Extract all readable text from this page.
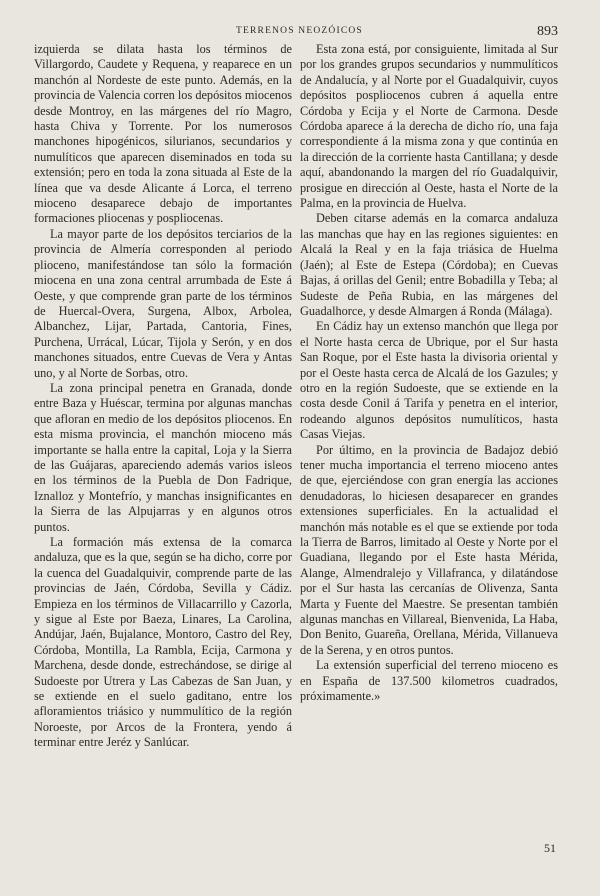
TERRENOS NEOZÓICOS	893

izquierda se dilata hasta los términos de Villargordo, Caudete y Requena, y reaparece en un manchón al Nordeste de este punto. Además, en la provincia de Valencia corren los depósitos miocenos desde Montroy, en las márgenes del río Magro, hasta Chiva y Torrente. Por los numerosos manchones hipogénicos, silurianos, secundarios y numulíticos que aparecen diseminados en toda su extensión; pero en toda la zona situada al Este de la línea que va desde Alicante á Lorca, el terreno mioceno desaparece debajo de importantes formaciones pliocenas y pospliocenas.

La mayor parte de los depósitos terciarios de la provincia de Almería corresponden al periodo plioceno, manifestándose tan sólo la formación miocena en una zona central arrumbada de Este á Oeste, y que comprende gran parte de los términos de Huercal-Overa, Surgena, Albox, Arbolea, Albanchez, Lijar, Partada, Cantoria, Fines, Purchena, Urrácal, Lúcar, Tijola y Serón, y en dos manchones situados, entre Cuevas de Vera y Antas uno, y al Norte de Sorbas, otro.

La zona principal penetra en Granada, donde entre Baza y Huéscar, termina por algunas manchas que afloran en medio de los depósitos pliocenos. En esta misma provincia, el manchón mioceno más importante se halla entre la capital, Loja y la Sierra de las Guájaras, apareciendo además varios isleos en los términos de la Puebla de Don Fadrique, Iznalloz y Montefrío, y manchas insignificantes en la Sierra de las Alpujarras y en algunos otros puntos.

La formación más extensa de la comarca andaluza, que es la que, según se ha dicho, corre por la cuenca del Guadalquivir, comprende parte de las provincias de Jaén, Córdoba, Sevilla y Cádiz. Empieza en los términos de Villacarrillo y Cazorla, y sigue al Este por Baeza, Linares, La Carolina, Andújar, Jaén, Bujalance, Montoro, Castro del Rey, Córdoba, Montilla, La Rambla, Ecija, Carmona y Marchena, desde donde, estrechándose, se dirige al Sudoeste por Utrera y Las Cabezas de San Juan, y se extiende en el suelo gaditano, entre los afloramientos triásico y nummulítico de la región Noroeste, por Arcos de la Frontera, yendo á terminar entre Jeréz y Sanlúcar.

Esta zona está, por consiguiente, limitada al Sur por los grandes grupos secundarios y nummulíticos de Andalucía, y al Norte por el Guadalquivir, cuyos depósitos pospliocenos cubren á aquella entre Córdoba y Ecija y el Norte de Carmona. Desde Córdoba aparece á la derecha de dicho río, una faja correspondiente á la misma zona y que continúa en la dirección de la corriente hasta Cantillana; y desde aquí, abandonando la margen del río Guadalquivir, prosigue en dirección al Oeste, hasta el Norte de la Palma, en la provincia de Huelva.

Deben citarse además en la comarca andaluza las manchas que hay en las regiones siguientes: en Alcalá la Real y en la faja triásica de Huelma (Jaén); al Este de Estepa (Córdoba); en Cuevas Bajas, á orillas del Genil; entre Bobadilla y Teba; al Sudeste de Peña Rubia, en las márgenes del Guadalhorce, y desde Almargen á Ronda (Málaga).

En Cádiz hay un extenso manchón que llega por el Norte hasta cerca de Ubrique, por el Sur hasta San Roque, por el Este hasta la divisoria oriental y por el Oeste hasta cerca de Alcalá de los Gazules; y otro en la región Sudoeste, que se extiende en la costa desde Conil á Tarifa y penetra en el interior, rodeando algunos depósitos numulíticos, hasta Casas Viejas.

Por último, en la provincia de Badajoz debió tener mucha importancia el terreno mioceno antes de que, ejerciéndose con gran energía las acciones denudadoras, lo hiciesen desaparecer en grandes extensiones superficiales. En la actualidad el manchón más notable es el que se extiende por toda la Tierra de Barros, limitado al Oeste y Norte por el Guadiana, llegando por el Este hasta Mérida, Alange, Almendralejo y Villafranca, y dilatándose por el Sur hasta las cercanías de Olivenza, Santa Marta y Fuente del Maestre. Se presentan también algunas manchas en Villareal, Bienvenida, La Haba, Don Benito, Guareña, Orellana, Mérida, Villanueva de la Serena, y en otros puntos.

La extensión superficial del terreno mioceno es en España de 137.500 kilometros cuadrados, próximamente.»

51
